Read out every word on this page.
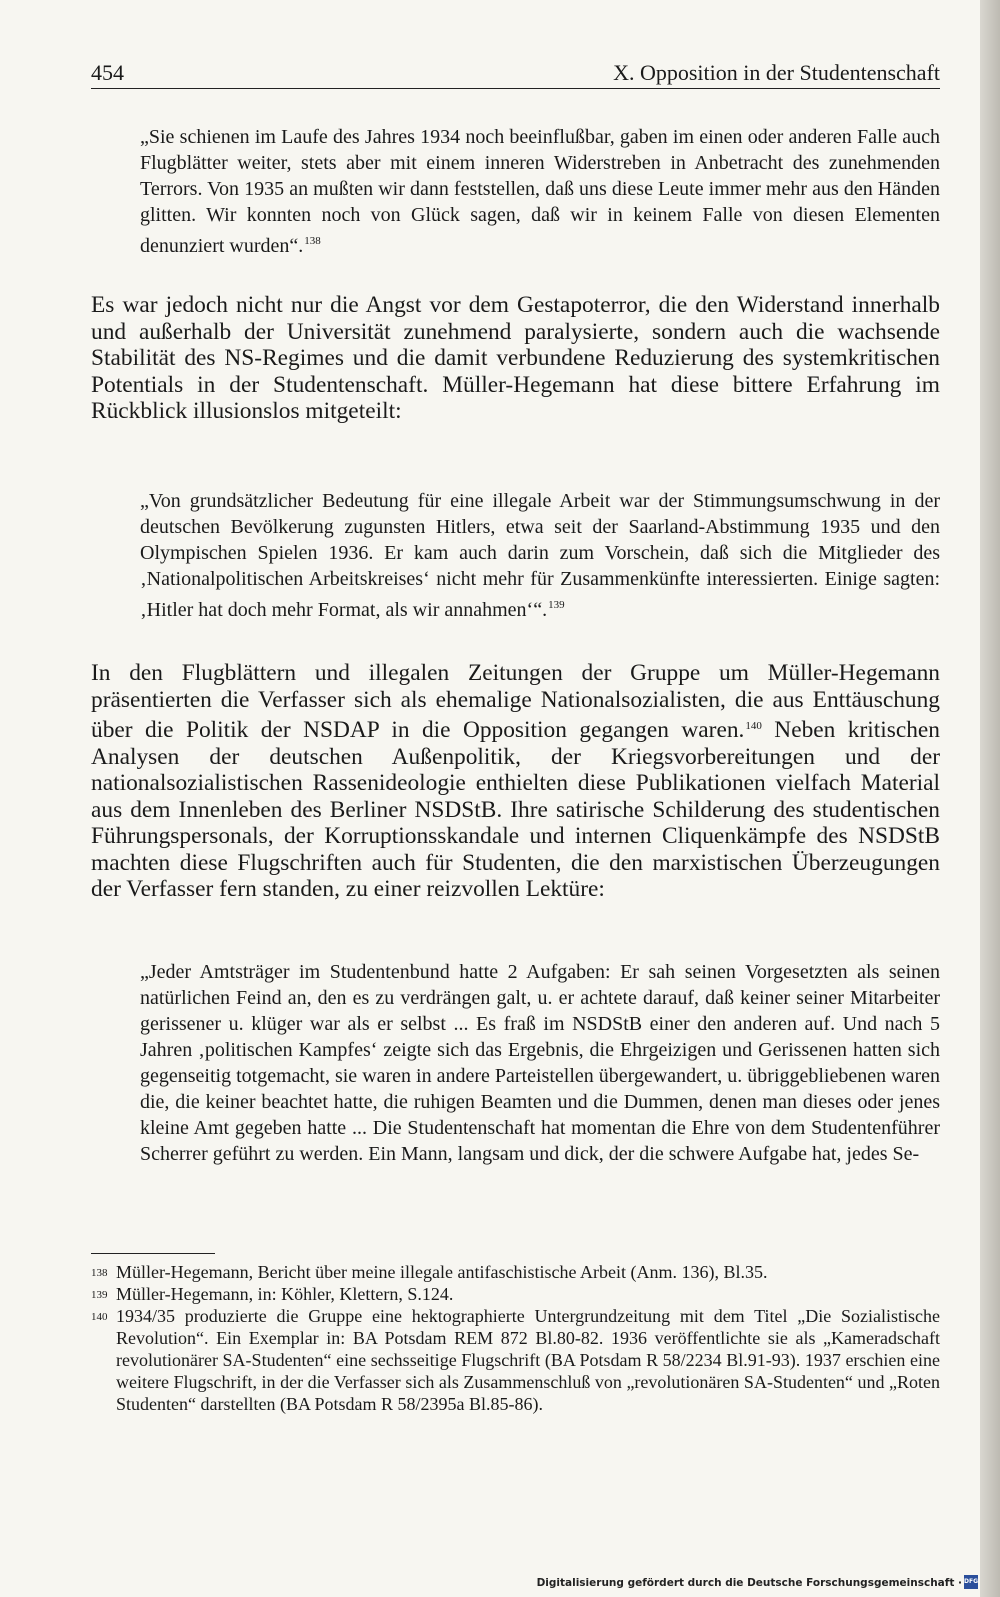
454	X. Opposition in der Studentenschaft
„Sie schienen im Laufe des Jahres 1934 noch beeinflußbar, gaben im einen oder anderen Falle auch Flugblätter weiter, stets aber mit einem inneren Widerstreben in Anbetracht des zunehmenden Terrors. Von 1935 an mußten wir dann feststellen, daß uns diese Leute immer mehr aus den Händen glitten. Wir konnten noch von Glück sagen, daß wir in keinem Falle von diesen Elementen denunziert wurden“.$^{138}$
Es war jedoch nicht nur die Angst vor dem Gestapoterror, die den Widerstand innerhalb und außerhalb der Universität zunehmend paralysierte, sondern auch die wachsende Stabilität des NS-Regimes und die damit verbundene Reduzierung des systemkritischen Potentials in der Studentenschaft. Müller-Hegemann hat diese bittere Erfahrung im Rückblick illusionslos mitgeteilt:
„Von grundsätzlicher Bedeutung für eine illegale Arbeit war der Stimmungsumschwung in der deutschen Bevölkerung zugunsten Hitlers, etwa seit der Saarland-Abstimmung 1935 und den Olympischen Spielen 1936. Er kam auch darin zum Vorschein, daß sich die Mitglieder des ‚Nationalpolitischen Arbeitskreises‘ nicht mehr für Zusammenkünfte interessierten. Einige sagten: ‚Hitler hat doch mehr Format, als wir annahmen‘“.$^{139}$
In den Flugblättern und illegalen Zeitungen der Gruppe um Müller-Hegemann präsentierten die Verfasser sich als ehemalige Nationalsozialisten, die aus Enttäuschung über die Politik der NSDAP in die Opposition gegangen waren.$^{140}$ Neben kritischen Analysen der deutschen Außenpolitik, der Kriegsvorbereitungen und der nationalsozialistischen Rassenideologie enthielten diese Publikationen vielfach Material aus dem Innenleben des Berliner NSDStB. Ihre satirische Schilderung des studentischen Führungspersonals, der Korruptionsskandale und internen Cliquenkämpfe des NSDStB machten diese Flugschriften auch für Studenten, die den marxistischen Überzeugungen der Verfasser fern standen, zu einer reizvollen Lektüre:
„Jeder Amtsträger im Studentenbund hatte 2 Aufgaben: Er sah seinen Vorgesetzten als seinen natürlichen Feind an, den es zu verdrängen galt, u. er achtete darauf, daß keiner seiner Mitarbeiter gerissener u. klüger war als er selbst ... Es fraß im NSDStB einer den anderen auf. Und nach 5 Jahren ‚politischen Kampfes‘ zeigte sich das Ergebnis, die Ehrgeizigen und Gerissenen hatten sich gegenseitig totgemacht, sie waren in andere Parteistellen übergewandert, u. übriggebliebenen waren die, die keiner beachtet hatte, die ruhigen Beamten und die Dummen, denen man dieses oder jenes kleine Amt gegeben hatte ... Die Studentenschaft hat momentan die Ehre von dem Studentenführer Scherrer geführt zu werden. Ein Mann, langsam und dick, der die schwere Aufgabe hat, jedes Se-
138 Müller-Hegemann, Bericht über meine illegale antifaschistische Arbeit (Anm. 136), Bl.35.
139 Müller-Hegemann, in: Köhler, Klettern, S.124.
140 1934/35 produzierte die Gruppe eine hektographierte Untergrundzeitung mit dem Titel „Die Sozialistische Revolution“. Ein Exemplar in: BA Potsdam REM 872 Bl.80-82. 1936 veröffentlichte sie als „Kameradschaft revolutionärer SA-Studenten“ eine sechsseitige Flugschrift (BA Potsdam R 58/2234 Bl.91-93). 1937 erschien eine weitere Flugschrift, in der die Verfasser sich als Zusammenschluß von „revolutionären SA-Studenten“ und „Roten Studenten“ darstellten (BA Potsdam R 58/2395a Bl.85-86).
Digitalisierung gefördert durch die Deutsche Forschungsgemeinschaft · DFG
